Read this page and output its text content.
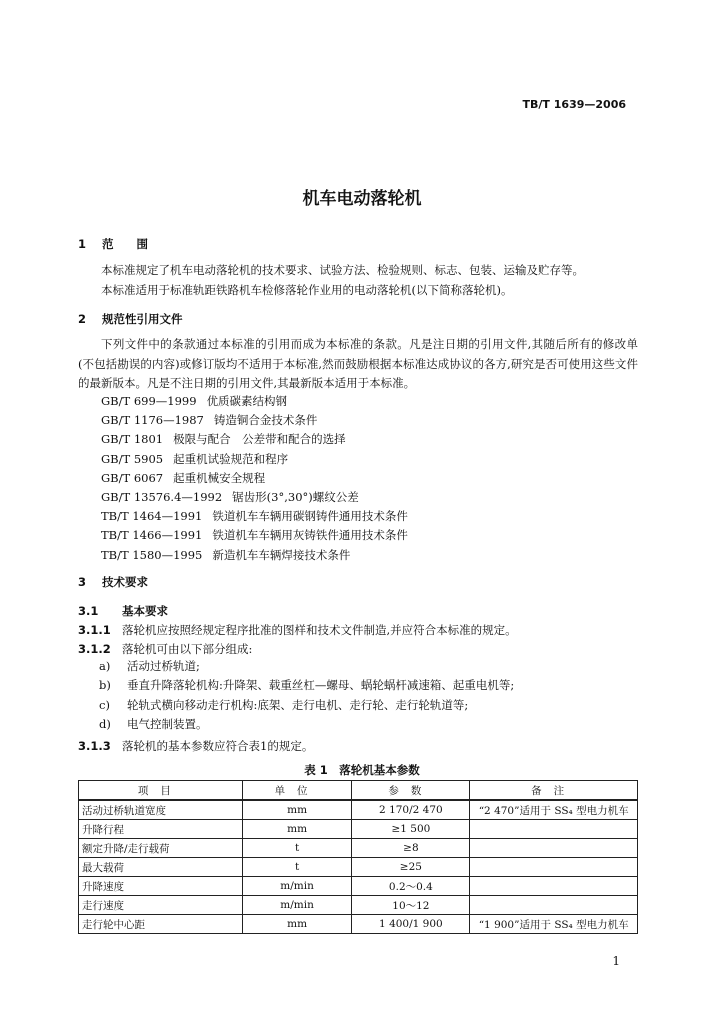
TB/T 1639—2006
机车电动落轮机
1 范　　围
本标准规定了机车电动落轮机的技术要求、试验方法、检验规则、标志、包装、运输及贮存等。
本标准适用于标准轨距铁路机车检修落轮作业用的电动落轮机(以下简称落轮机)。
2 规范性引用文件
下列文件中的条款通过本标准的引用而成为本标准的条款。凡是注日期的引用文件,其随后所有的修改单(不包括勘误的内容)或修订版均不适用于本标准,然而鼓励根据本标准达成协议的各方,研究是否可使用这些文件的最新版本。凡是不注日期的引用文件,其最新版本适用于本标准。
GB/T 699—1999 优质碳素结构钢
GB/T 1176—1987 铸造铜合金技术条件
GB/T 1801 极限与配合　公差带和配合的选择
GB/T 5905 起重机试验规范和程序
GB/T 6067 起重机械安全规程
GB/T 13576.4—1992 锯齿形(3°,30°)螺纹公差
TB/T 1464—1991 铁道机车车辆用碳钢铸件通用技术条件
TB/T 1466—1991 铁道机车车辆用灰铸铁件通用技术条件
TB/T 1580—1995 新造机车车辆焊接技术条件
3 技术要求
3.1 基本要求
3.1.1 落轮机应按照经规定程序批准的图样和技术文件制造,并应符合本标准的规定。
3.1.2 落轮机可由以下部分组成:
a) 活动过桥轨道;
b) 垂直升降落轮机构:升降架、载重丝杠—螺母、蜗轮蜗杆减速箱、起重电机等;
c) 轮轨式横向移动走行机构:底架、走行电机、走行轮、走行轮轨道等;
d) 电气控制装置。
3.1.3 落轮机的基本参数应符合表1的规定。
表 1　落轮机基本参数
项目	单位	参数	备注
活动过桥轨道宽度	mm	2 170/2 470	“2 470”适用于 SS₄ 型电力机车
升降行程	mm	≥1 500	
额定升降/走行载荷	t	≥8	
最大载荷	t	≥25	
升降速度	m/min	0.2～0.4	
走行速度	m/min	10～12	
走行轮中心距	mm	1 400/1 900	“1 900”适用于 SS₄ 型电力机车
1
